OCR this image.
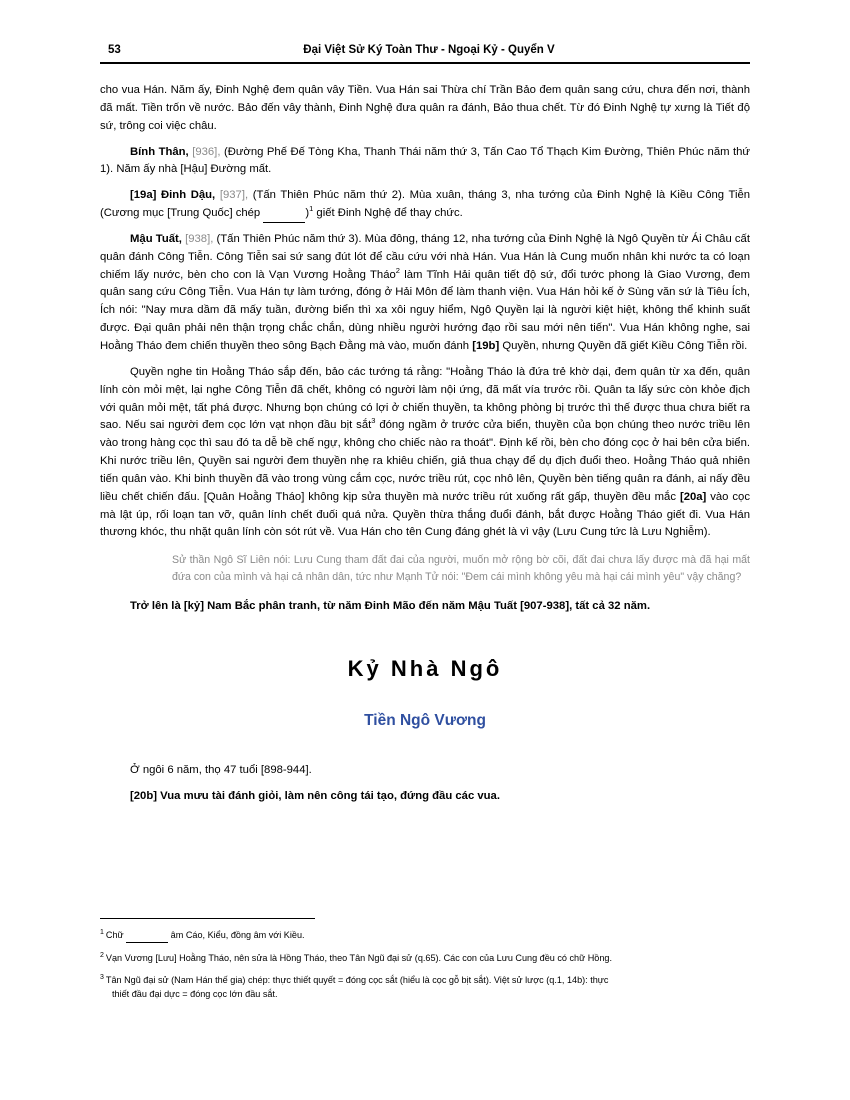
53	Đại Việt Sử Ký Toàn Thư - Ngoại Kỷ - Quyển V

cho vua Hán. Năm ấy, Đinh Nghệ đem quân vây Tiền. Vua Hán sai Thừa chí Trần Bảo đem quân sang cứu, chưa đến nơi, thành đã mất. Tiền trốn về nước. Bảo đến vây thành, Đinh Nghệ đưa quân ra đánh, Bảo thua chết. Từ đó Đinh Nghệ tự xưng là Tiết độ sứ, trông coi việc châu.

Bính Thân, [936], (Đường Phế Đế Tòng Kha, Thanh Thái năm thứ 3, Tấn Cao Tổ Thạch Kim Đường, Thiên Phúc năm thứ 1). Năm ấy nhà [Hậu] Đường mất.

[19a] Đinh Dậu, [937], (Tấn Thiên Phúc năm thứ 2). Mùa xuân, tháng 3, nha tướng của Đinh Nghệ là Kiều Công Tiễn (Cương mục [Trung Quốc] chép	)$^1$ giết Đinh Nghệ để thay chức.

Mậu Tuất, [938], (Tấn Thiên Phúc năm thứ 3). Mùa đông, tháng 12, nha tướng của Đinh Nghệ là Ngô Quyền từ Ái Châu cất quân đánh Công Tiễn. Công Tiễn sai sứ sang đút lót để cầu cứu với nhà Hán. Vua Hán là Cung muốn nhân khi nước ta có loạn chiếm lấy nước, bèn cho con là Vạn Vương Hoằng Tháo$^2$ làm Tĩnh Hải quân tiết độ sứ, đổi tước phong là Giao Vương, đem quân sang cứu Công Tiễn. Vua Hán tự làm tướng, đóng ở Hải Môn để làm thanh viện. Vua Hán hỏi kế ở Sùng văn sứ là Tiêu Ích, Ích nói: "Nay mưa dầm đã mấy tuần, đường biển thì xa xôi nguy hiểm, Ngô Quyền lại là người kiệt hiệt, không thể khinh suất được. Đại quân phải nên thận trọng chắc chắn, dùng nhiều người hướng đạo rồi sau mới nên tiến". Vua Hán không nghe, sai Hoằng Tháo đem chiến thuyền theo sông Bạch Đằng mà vào, muốn đánh [19b] Quyền, nhưng Quyền đã giết Kiều Công Tiễn rồi.

Quyền nghe tin Hoằng Tháo sắp đến, bảo các tướng tá rằng: "Hoằng Tháo là đứa trẻ khờ dại, đem quân từ xa đến, quân lính còn mỏi mệt, lại nghe Công Tiễn đã chết, không có người làm nội ứng, đã mất vía trước rồi. Quân ta lấy sức còn khỏe địch với quân mỏi mệt, tất phá được. Nhưng bọn chúng có lợi ở chiến thuyền, ta không phòng bị trước thì thế được thua chưa biết ra sao. Nếu sai người đem cọc lớn vạt nhọn đầu bịt sắt$^3$ đóng ngầm ở trước cửa biển, thuyền của bọn chúng theo nước triều lên vào trong hàng cọc thì sau đó ta dễ bề chế ngự, không cho chiếc nào ra thoát". Định kế rồi, bèn cho đóng cọc ở hai bên cửa biển. Khi nước triều lên, Quyền sai người đem thuyền nhẹ ra khiêu chiến, giả thua chạy để dụ địch đuổi theo. Hoằng Tháo quả nhiên tiến quân vào. Khi binh thuyền đã vào trong vùng cắm cọc, nước triều rút, cọc nhô lên, Quyền bèn tiếng quân ra đánh, ai nấy đều liều chết chiến đấu. [Quân Hoằng Tháo] không kịp sửa thuyền mà nước triều rút xuống rất gấp, thuyền đều mắc [20a] vào cọc mà lật úp, rối loạn tan vỡ, quân lính chết đuối quá nửa. Quyền thừa thắng đuổi đánh, bắt được Hoằng Tháo giết đi. Vua Hán thương khóc, thu nhặt quân lính còn sót rút về. Vua Hán cho tên Cung đáng ghét là vì vậy (Lưu Cung tức là Lưu Nghiễm).

Sử thần Ngô Sĩ Liên nói: Lưu Cung tham đất đai của người, muốn mở rộng bờ cõi, đất đai chưa lấy được mà đã hại mất đứa con của mình và hại cả nhân dân, tức như Mạnh Tử nói: "Đem cái mình không yêu mà hại cái mình yêu" vậy chăng?

Trở lên là [kỷ] Nam Bắc phân tranh, từ năm Đinh Mão đến năm Mậu Tuất [907-938], tất cả 32 năm.

Kỷ Nhà Ngô
Tiền Ngô Vương

Ở ngôi 6 năm, thọ 47 tuổi [898-944].

[20b] Vua mưu tài đánh giỏi, làm nên công tái tạo, đứng đầu các vua.

$^1$ Chữ	âm Cáo, Kiểu, đồng âm với Kiều.
$^2$ Vạn Vương [Lưu] Hoằng Tháo, nên sửa là Hồng Tháo, theo Tân Ngũ đại sử (q.65). Các con của Lưu Cung đều có chữ Hồng.
$^3$ Tân Ngũ đại sử (Nam Hán thế gia) chép: thực thiết quyết = đóng cọc sắt (hiểu là cọc gỗ bịt sắt). Việt sử lược (q.1, 14b): thực
thiết đầu đại dực = đóng cọc lớn đầu sắt.
